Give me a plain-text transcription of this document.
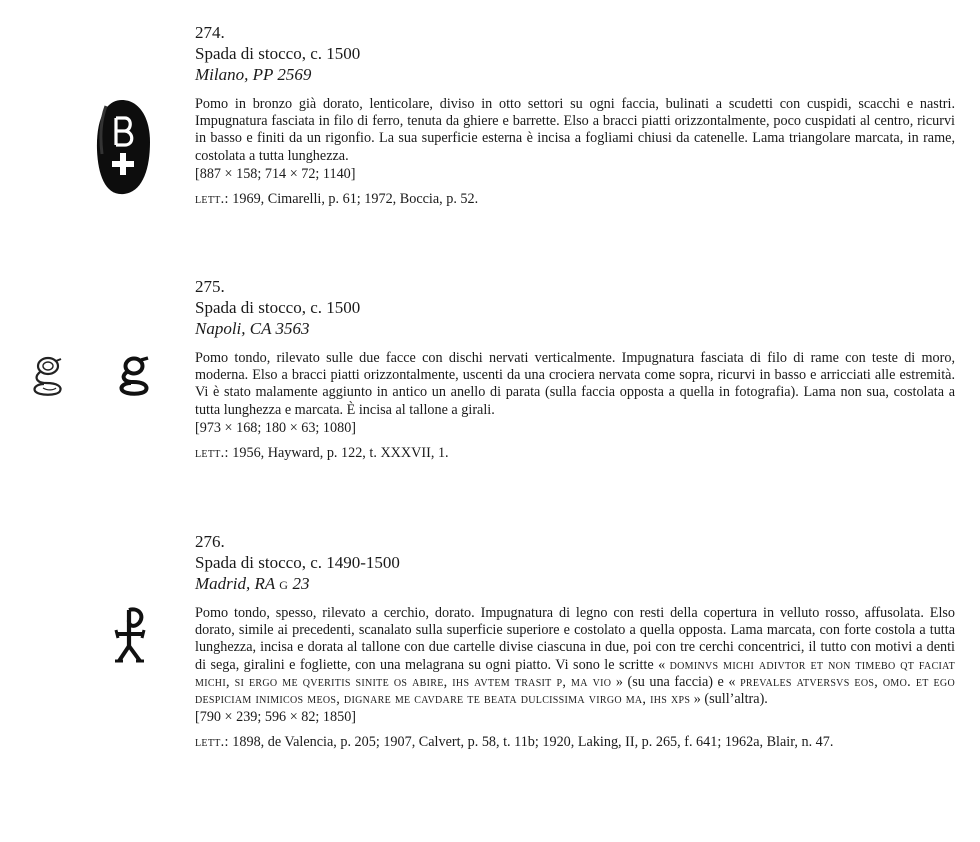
274.
Spada di stocco, c. 1500
Milano, PP 2569
Pomo in bronzo già dorato, lenticolare, diviso in otto settori su ogni faccia, bulinati a scudetti con cuspidi, scacchi e nastri. Impugnatura fasciata in filo di ferro, tenuta da ghiere e barrette. Elso a bracci piatti orizzontalmente, poco cuspidati al centro, ricurvi in basso e finiti da un rigonfio. La sua superficie esterna è incisa a fogliami chiusi da catenelle. Lama triangolare marcata, in rame, costolata a tutta lunghezza.
[887 × 158; 714 × 72; 1140]
lett.: 1969, Cimarelli, p. 61; 1972, Boccia, p. 52.
275.
Spada di stocco, c. 1500
Napoli, CA 3563
Pomo tondo, rilevato sulle due facce con dischi nervati verticalmente. Impugnatura fasciata di filo di rame con teste di moro, moderna. Elso a bracci piatti orizzontalmente, uscenti da una crociera nervata come sopra, ricurvi in basso e arricciati alle estremità. Vi è stato malamente aggiunto in antico un anello di parata (sulla faccia opposta a quella in fotografia). Lama non sua, costolata a tutta lunghezza e marcata. È incisa al tallone a girali.
[973 × 168; 180 × 63; 1080]
lett.: 1956, Hayward, p. 122, t. XXXVII, 1.
276.
Spada di stocco, c. 1490-1500
Madrid, RA g 23
Pomo tondo, spesso, rilevato a cerchio, dorato. Impugnatura di legno con resti della copertura in velluto rosso, affusolata. Elso dorato, simile ai precedenti, scanalato sulla superficie superiore e costolato a quella opposta. Lama marcata, con forte costola a tutta lunghezza, incisa e dorata al tallone con due cartelle divise ciascuna in due, poi con tre cerchi concentrici, il tutto con motivi a denti di sega, giralini e fogliette, con una melagrana su ogni piatto. Vi sono le scritte « dominvs michi adivtor et non timebo qt faciat michi, si ergo me qveritis sinite os abire, ihs avtem trasit p, ma vio » (su una faccia) e « prevales atversvs eos, omo. et ego despiciam inimicos meos, dignare me cavdare te beata dulcissima virgo ma, ihs xps » (sull’altra).
[790 × 239; 596 × 82; 1850]
lett.: 1898, de Valencia, p. 205; 1907, Calvert, p. 58, t. 11b; 1920, Laking, II, p. 265, f. 641; 1962a, Blair, n. 47.
